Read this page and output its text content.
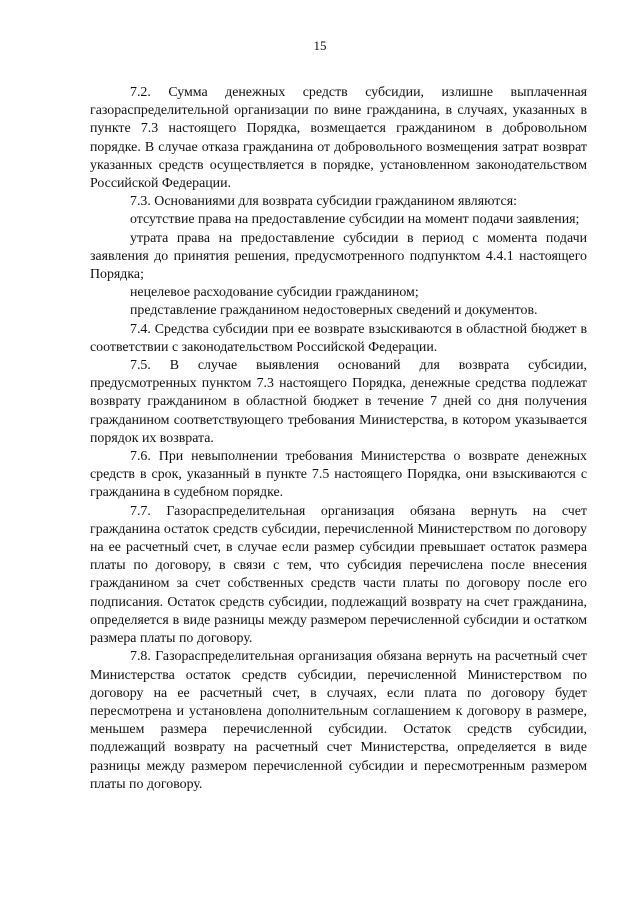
15

7.2. Сумма денежных средств субсидии, излишне выплаченная газораспределительной организации по вине гражданина, в случаях, указанных в пункте 7.3 настоящего Порядка, возмещается гражданином в добровольном порядке. В случае отказа гражданина от добровольного возмещения затрат возврат указанных средств осуществляется в порядке, установленном законодательством Российской Федерации.

7.3. Основаниями для возврата субсидии гражданином являются:

отсутствие права на предоставление субсидии на момент подачи заявления;

утрата права на предоставление субсидии в период с момента подачи заявления до принятия решения, предусмотренного подпунктом 4.4.1 настоящего Порядка;

нецелевое расходование субсидии гражданином;

представление гражданином недостоверных сведений и документов.

7.4. Средства субсидии при ее возврате взыскиваются в областной бюджет в соответствии с законодательством Российской Федерации.

7.5. В случае выявления оснований для возврата субсидии, предусмотренных пунктом 7.3 настоящего Порядка, денежные средства подлежат возврату гражданином в областной бюджет в течение 7 дней со дня получения гражданином соответствующего требования Министерства, в котором указывается порядок их возврата.

7.6. При невыполнении требования Министерства о возврате денежных средств в срок, указанный в пункте 7.5 настоящего Порядка, они взыскиваются с гражданина в судебном порядке.

7.7. Газораспределительная организация обязана вернуть на счет гражданина остаток средств субсидии, перечисленной Министерством по договору на ее расчетный счет, в случае если размер субсидии превышает остаток размера платы по договору, в связи с тем, что субсидия перечислена после внесения гражданином за счет собственных средств части платы по договору после его подписания. Остаток средств субсидии, подлежащий возврату на счет гражданина, определяется в виде разницы между размером перечисленной субсидии и остатком размера платы по договору.

7.8. Газораспределительная организация обязана вернуть на расчетный счет Министерства остаток средств субсидии, перечисленной Министерством по договору на ее расчетный счет, в случаях, если плата по договору будет пересмотрена и установлена дополнительным соглашением к договору в размере, меньшем размера перечисленной субсидии. Остаток средств субсидии, подлежащий возврату на расчетный счет Министерства, определяется в виде разницы между размером перечисленной субсидии и пересмотренным размером платы по договору.
